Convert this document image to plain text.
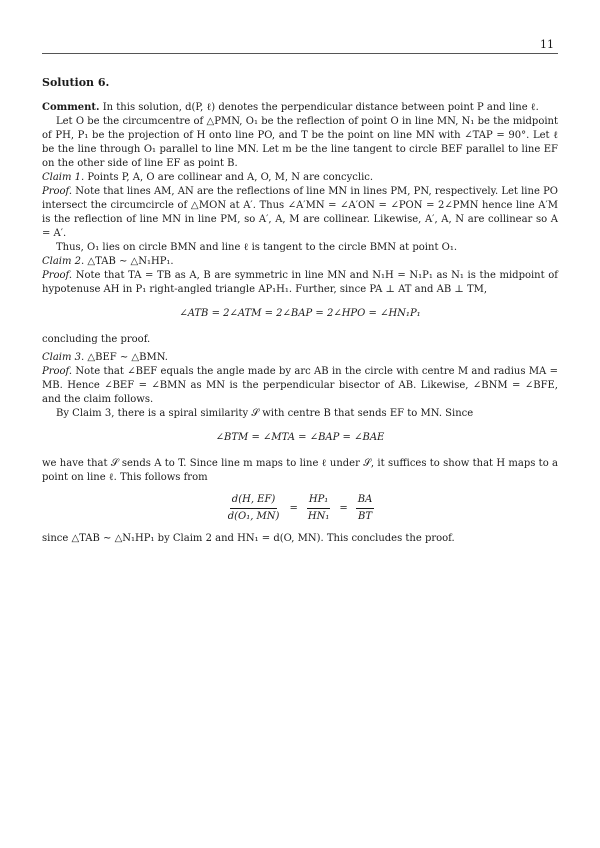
11
Solution 6.

Comment. In this solution, d(P, ℓ) denotes the perpendicular distance between point P and line ℓ.

Let O be the circumcentre of △PMN, O₁ be the reflection of point O in line MN, N₁ be the midpoint of PH, P₁ be the projection of H onto line PO, and T be the point on line MN with ∠TAP = 90°. Let ℓ be the line through O₁ parallel to line MN. Let m be the line tangent to circle BEF parallel to line EF on the other side of line EF as point B.

Claim 1. Points P, A, O are collinear and A, O, M, N are concyclic.

Proof. Note that lines AM, AN are the reflections of line MN in lines PM, PN, respectively. Let line PO intersect the circumcircle of △MON at A′. Thus ∠A′MN = ∠A′ON = ∠PON = 2∠PMN hence line A′M is the reflection of line MN in line PM, so A′, A, M are collinear. Likewise, A′, A, N are collinear so A = A′.

Thus, O₁ lies on circle BMN and line ℓ is tangent to the circle BMN at point O₁.

Claim 2. △TAB ∼ △N₁HP₁.

Proof. Note that TA = TB as A, B are symmetric in line MN and N₁H = N₁P₁ as N₁ is the midpoint of hypotenuse AH in P₁ right-angled triangle AP₁H₁. Further, since PA ⊥ AT and AB ⊥ TM,

∠ATB = 2∠ATM = 2∠BAP = 2∠HPO = ∠HN₁P₁

concluding the proof.

Claim 3. △BEF ∼ △BMN.

Proof. Note that ∠BEF equals the angle made by arc AB in the circle with centre M and radius MA = MB. Hence ∠BEF = ∠BMN as MN is the perpendicular bisector of AB. Likewise, ∠BNM = ∠BFE, and the claim follows.

By Claim 3, there is a spiral similarity 𝒮 with centre B that sends EF to MN. Since

∠BTM = ∠MTA = ∠BAP = ∠BAE

we have that 𝒮 sends A to T. Since line m maps to line ℓ under 𝒮, it suffices to show that H maps to a point on line ℓ. This follows from

$\frac{d(H, EF)}{\text{d(O₁, MN)}} = \frac{\text{HP₁}}{\text{HN₁}} = \frac{BA}{BT}$

since △TAB ∼ △N₁HP₁ by Claim 2 and HN₁ = d(O, MN). This concludes the proof.
